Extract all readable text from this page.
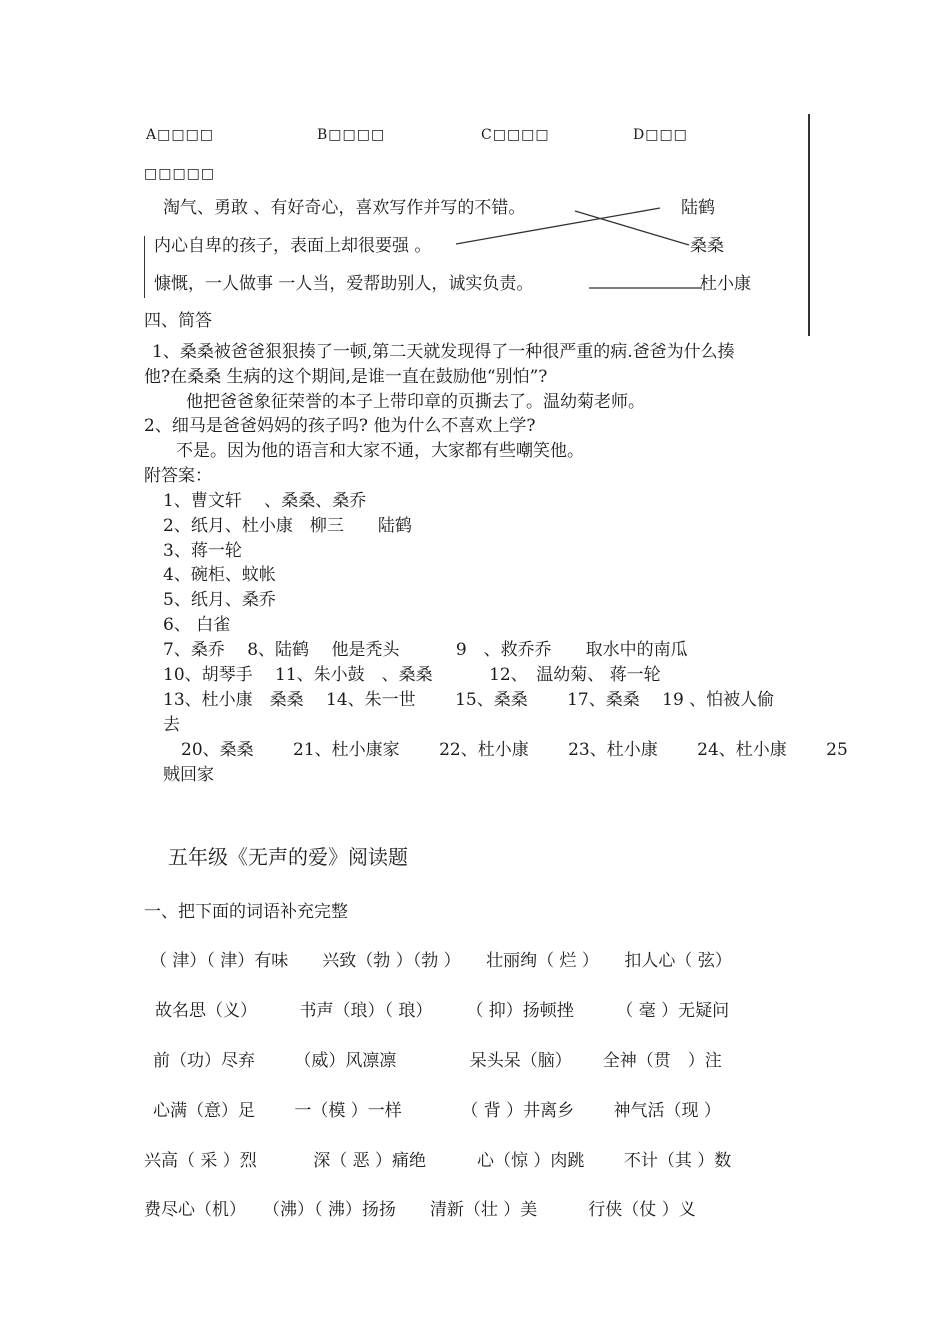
A□□□□	B□□□□	C□□□□	D□□□
□□□□□
淘气、勇敢 、有好奇心，喜欢写作并写的不错。
内心自卑的孩子，表面上却很要强 。
慷慨，一人做事 一人当，爱帮助别人，诚实负责。
陆鹤
桑桑
杜小康
四、简答
1、桑桑被爸爸狠狠揍了一顿,第二天就发现得了一种很严重的病.爸爸为什么揍
他?在桑桑 生病的这个期间,是谁一直在鼓励他“别怕”?
他把爸爸象征荣誉的本子上带印章的页撕去了。温幼菊老师。
2、细马是爸爸妈妈的孩子吗? 他为什么不喜欢上学?
不是。因为他的语言和大家不通，大家都有些嘲笑他。
附答案：
1、曹文轩　 、桑桑、桑乔
2、纸月、杜小康　柳三　　陆鹤
3、蒋一轮
4、碗柜、蚊帐
5、纸月、桑乔
6、 白雀
7、桑乔　 8、陆鹤　 他是秃头　　　 9　、救乔乔　　取水中的南瓜
10、胡琴手　 11、朱小鼓　、桑桑　　　 12、　温幼菊、 蒋一轮
13、杜小康　桑桑　 14、朱一世　　 15、桑桑　　 17、桑桑　 19 、怕被人偷
去
20、桑桑　　 21、杜小康家　　 22、杜小康　　 23、杜小康　　 24、杜小康　　 25
贼回家
五年级《无声的爱》阅读题
一、把下面的词语补充完整
（ 津）（ 津）有味　　兴致（勃 ）（勃 ）　　壮丽绚（ 烂 ）　　扣人心（ 弦）
故名思（义）　　　书声（琅）（ 琅）　　　（ 抑）扬顿挫　　　（ 毫 ）无疑问
前（功）尽弃　　 （威）风凛凛　　　　 呆头呆（脑）　　 全神（贯　）注
心满（意）足　　 一（模 ）一样　　　　（ 背 ）井离乡　　 神气活（现 ）
兴高（ 采 ）烈　　　 深（ 恶 ）痛绝　　　心（惊 ）肉跳　　 不计（其 ）数
费尽心（机）　　（沸）（ 沸）扬扬　　清新（壮 ）美　　　行侠（仗 ）义
